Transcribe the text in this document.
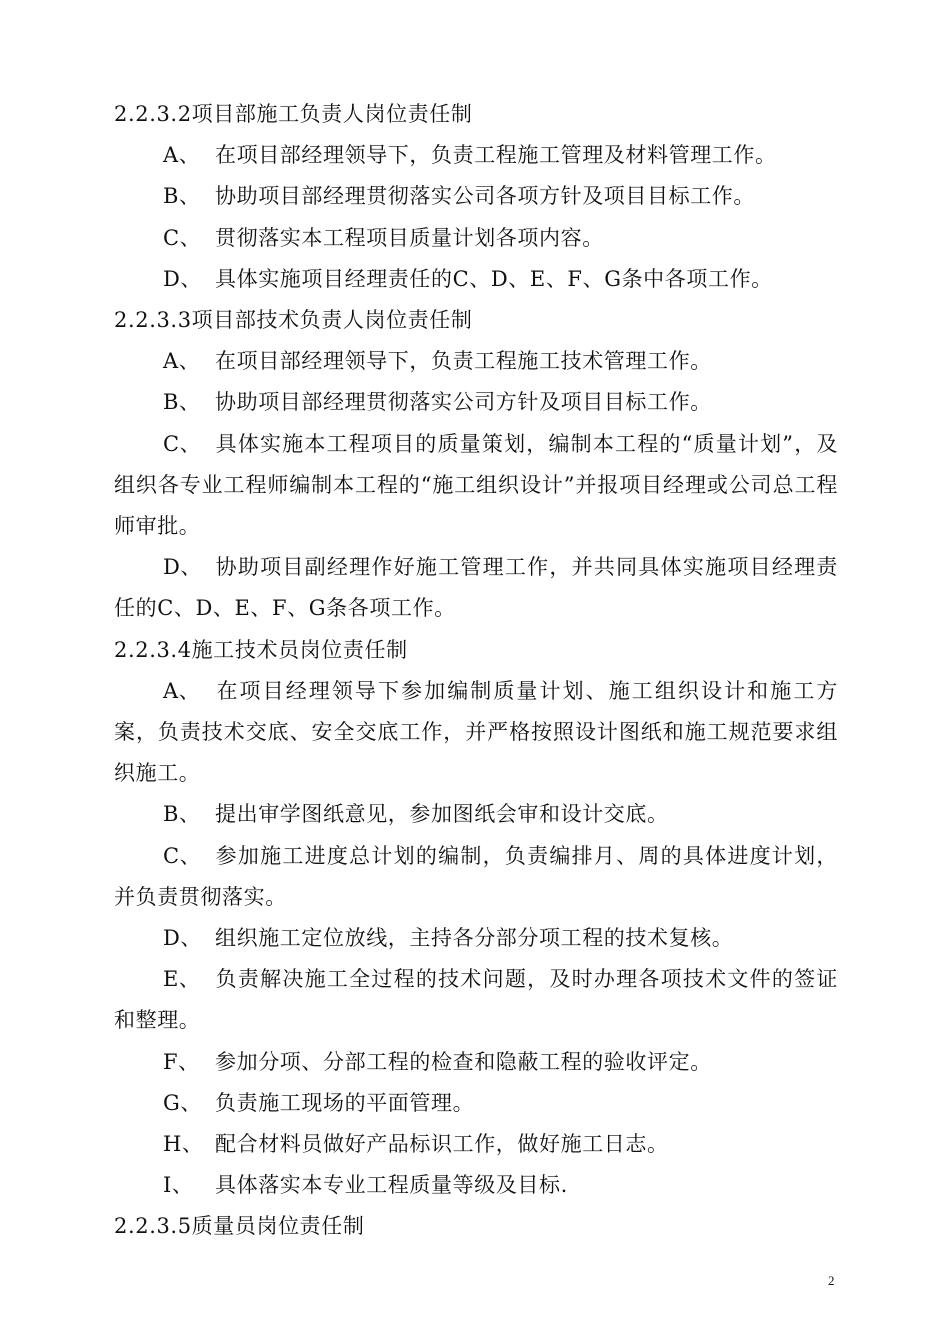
2.2.3.2项目部施工负责人岗位责任制

A、 在项目部经理领导下，负责工程施工管理及材料管理工作。

B、 协助项目部经理贯彻落实公司各项方针及项目目标工作。

C、 贯彻落实本工程项目质量计划各项内容。

D、 具体实施项目经理责任的C、D、E、F、G条中各项工作。

2.2.3.3项目部技术负责人岗位责任制

A、 在项目部经理领导下，负责工程施工技术管理工作。

B、 协助项目部经理贯彻落实公司方针及项目目标工作。

C、 具体实施本工程项目的质量策划，编制本工程的“质量计划”，及组织各专业工程师编制本工程的“施工组织设计”并报项目经理或公司总工程师审批。

D、 协助项目副经理作好施工管理工作，并共同具体实施项目经理责任的C、D、E、F、G条各项工作。

2.2.3.4施工技术员岗位责任制

A、 在项目经理领导下参加编制质量计划、施工组织设计和施工方案，负责技术交底、安全交底工作，并严格按照设计图纸和施工规范要求组织施工。

B、 提出审学图纸意见，参加图纸会审和设计交底。

C、 参加施工进度总计划的编制，负责编排月、周的具体进度计划，并负责贯彻落实。

D、 组织施工定位放线，主持各分部分项工程的技术复核。

E、 负责解决施工全过程的技术问题，及时办理各项技术文件的签证和整理。

F、 参加分项、分部工程的检查和隐蔽工程的验收评定。

G、 负责施工现场的平面管理。

H、 配合材料员做好产品标识工作，做好施工日志。

I、 具体落实本专业工程质量等级及目标.

2.2.3.5质量员岗位责任制

2
